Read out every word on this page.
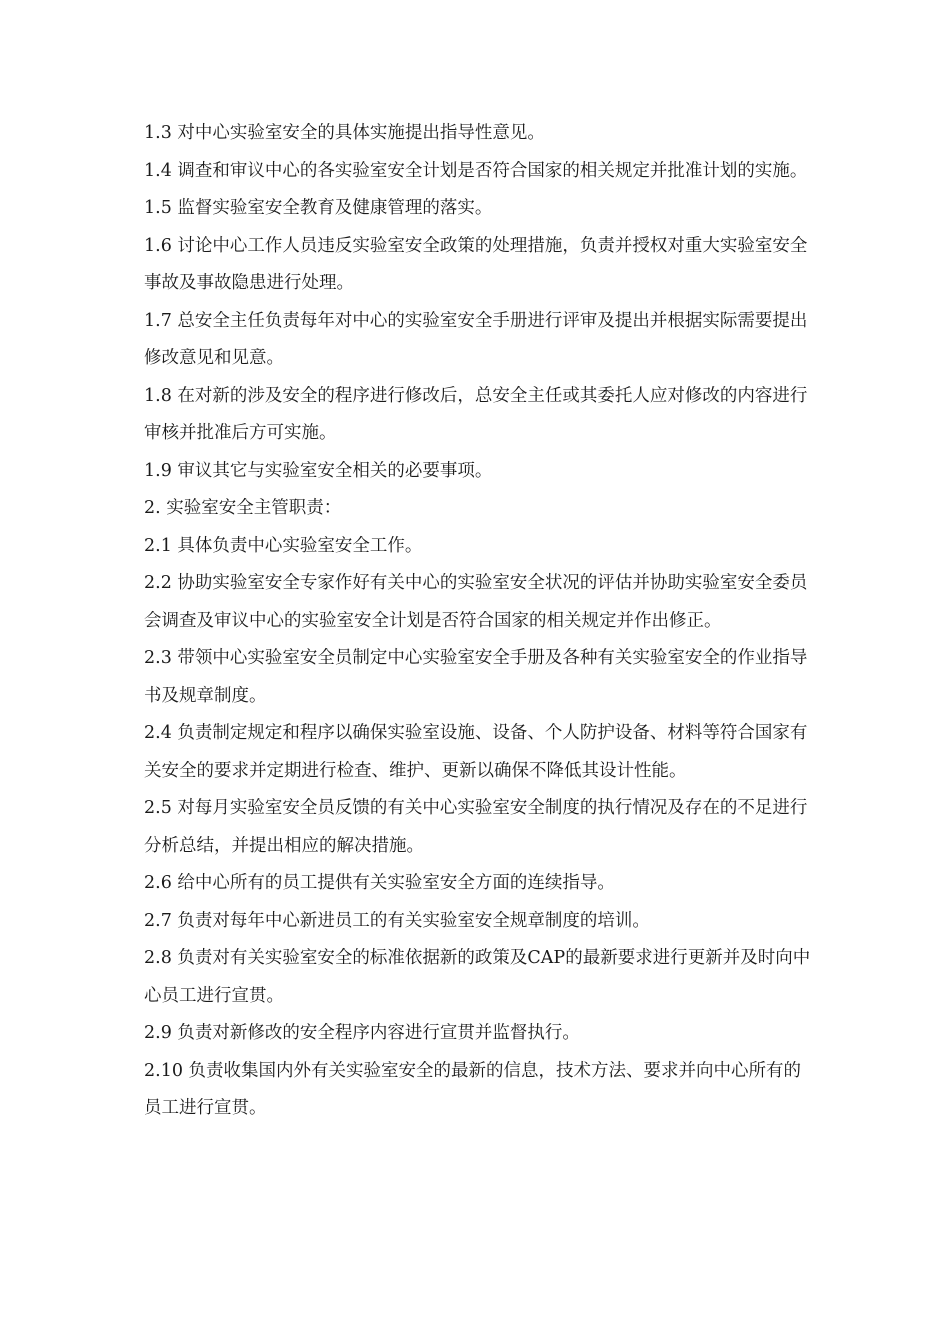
1.3 对中心实验室安全的具体实施提出指导性意见。

1.4 调查和审议中心的各实验室安全计划是否符合国家的相关规定并批准计划的实施。

1.5 监督实验室安全教育及健康管理的落实。

1.6 讨论中心工作人员违反实验室安全政策的处理措施，负责并授权对重大实验室安全事故及事故隐患进行处理。

1.7 总安全主任负责每年对中心的实验室安全手册进行评审及提出并根据实际需要提出修改意见和见意。

1.8 在对新的涉及安全的程序进行修改后，总安全主任或其委托人应对修改的内容进行审核并批准后方可实施。

1.9 审议其它与实验室安全相关的必要事项。

2. 实验室安全主管职责：

2.1 具体负责中心实验室安全工作。

2.2 协助实验室安全专家作好有关中心的实验室安全状况的评估并协助实验室安全委员会调查及审议中心的实验室安全计划是否符合国家的相关规定并作出修正。

2.3 带领中心实验室安全员制定中心实验室安全手册及各种有关实验室安全的作业指导书及规章制度。

2.4 负责制定规定和程序以确保实验室设施、设备、个人防护设备、材料等符合国家有关安全的要求并定期进行检查、维护、更新以确保不降低其设计性能。

2.5 对每月实验室安全员反馈的有关中心实验室安全制度的执行情况及存在的不足进行分析总结，并提出相应的解决措施。

2.6 给中心所有的员工提供有关实验室安全方面的连续指导。

2.7 负责对每年中心新进员工的有关实验室安全规章制度的培训。

2.8 负责对有关实验室安全的标准依据新的政策及CAP的最新要求进行更新并及时向中心员工进行宣贯。

2.9 负责对新修改的安全程序内容进行宣贯并监督执行。

2.10 负责收集国内外有关实验室安全的最新的信息，技术方法、要求并向中心所有的员工进行宣贯。
